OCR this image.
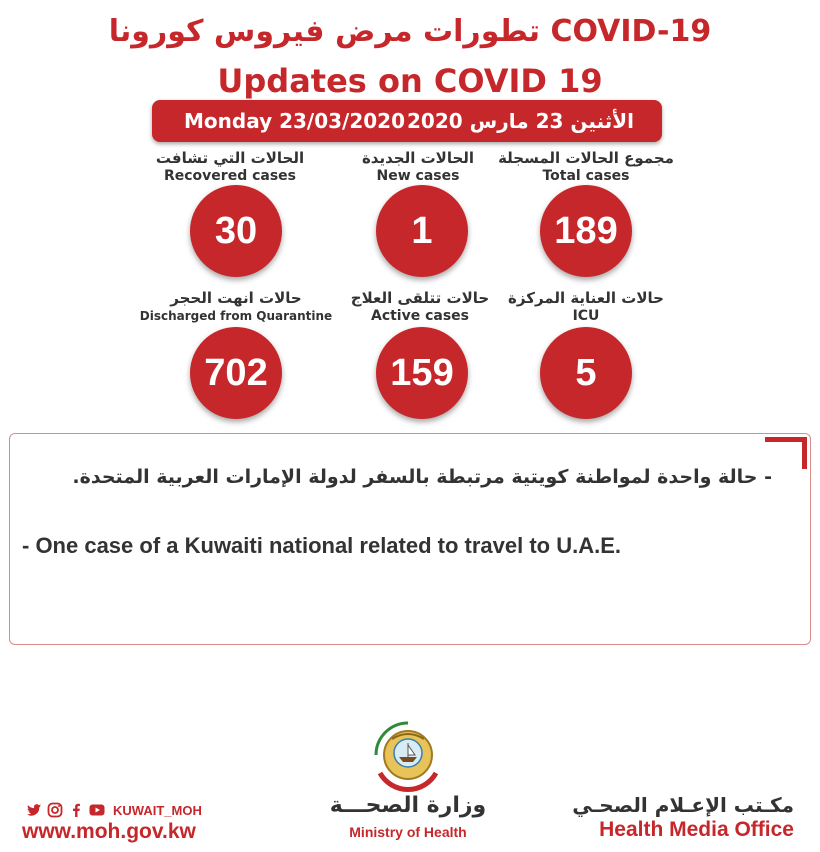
تطورات مرض فيروس كورونا COVID-19
Updates on COVID 19
Monday 23/03/2020 الأثنين 23 مارس 2020
الحالات التي تشافت
Recovered cases
30
الحالات الجديدة
New cases
1
مجموع الحالات المسجلة
Total cases
189
حالات انهت الحجر
Discharged from Quarantine
702
حالات تتلقى العلاج
Active cases
159
حالات العناية المركزة
ICU
5
- حالة واحدة لمواطنة كويتية مرتبطة بالسفر لدولة الإمارات العربية المتحدة.
- One case of a Kuwaiti national related to travel to U.A.E.
وزارة الصحـــة
Ministry of Health
KUWAIT_MOH
www.moh.gov.kw
مكـتب الإعـلام الصحـي
Health Media Office
